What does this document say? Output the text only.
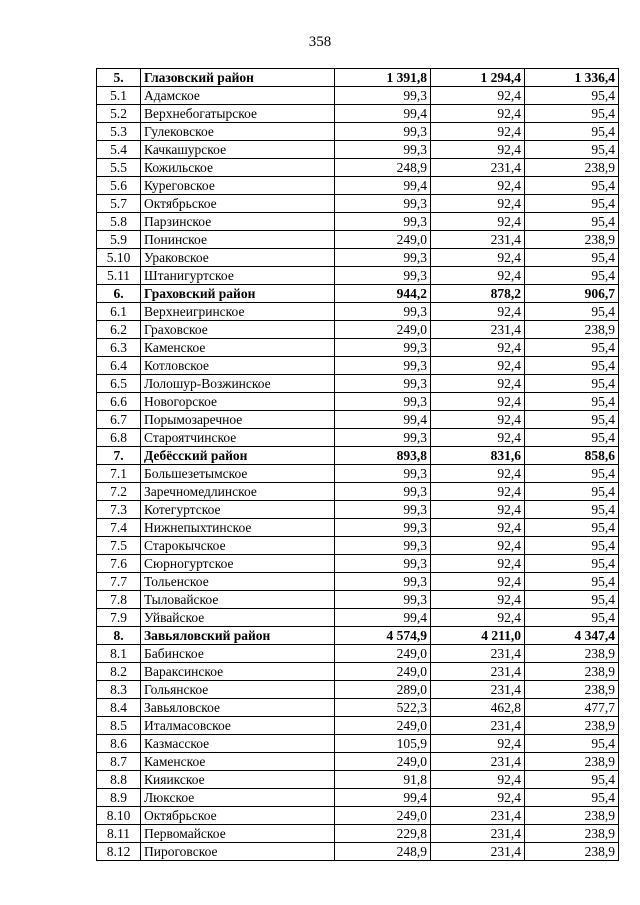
358
5.	Глазовский район	1 391,8	1 294,4	1 336,4
5.1	Адамское	99,3	92,4	95,4
5.2	Верхнебогатырское	99,4	92,4	95,4
5.3	Гулековское	99,3	92,4	95,4
5.4	Качкашурское	99,3	92,4	95,4
5.5	Кожильское	248,9	231,4	238,9
5.6	Курегoвское	99,4	92,4	95,4
5.7	Октябрьское	99,3	92,4	95,4
5.8	Парзинское	99,3	92,4	95,4
5.9	Понинское	249,0	231,4	238,9
5.10	Ураковское	99,3	92,4	95,4
5.11	Штанигуртское	99,3	92,4	95,4
6.	Граховский район	944,2	878,2	906,7
6.1	Верхнеигринское	99,3	92,4	95,4
6.2	Граховское	249,0	231,4	238,9
6.3	Каменское	99,3	92,4	95,4
6.4	Котловское	99,3	92,4	95,4
6.5	Лолошур-Возжинское	99,3	92,4	95,4
6.6	Новогорское	99,3	92,4	95,4
6.7	Порымозаречное	99,4	92,4	95,4
6.8	Староятчинское	99,3	92,4	95,4
7.	Дебёсский район	893,8	831,6	858,6
7.1	Большезетымское	99,3	92,4	95,4
7.2	Заречномедлинское	99,3	92,4	95,4
7.3	Котегуртское	99,3	92,4	95,4
7.4	Нижнепыхтинское	99,3	92,4	95,4
7.5	Старокычское	99,3	92,4	95,4
7.6	Сюрногуртское	99,3	92,4	95,4
7.7	Тольенское	99,3	92,4	95,4
7.8	Тыловайское	99,3	92,4	95,4
7.9	Уйвайское	99,4	92,4	95,4
8.	Завьяловский район	4 574,9	4 211,0	4 347,4
8.1	Бабинское	249,0	231,4	238,9
8.2	Вараксинское	249,0	231,4	238,9
8.3	Гольянское	289,0	231,4	238,9
8.4	Завьяловское	522,3	462,8	477,7
8.5	Италмасовское	249,0	231,4	238,9
8.6	Казмасское	105,9	92,4	95,4
8.7	Каменское	249,0	231,4	238,9
8.8	Кияикское	91,8	92,4	95,4
8.9	Люкское	99,4	92,4	95,4
8.10	Октябрьское	249,0	231,4	238,9
8.11	Первомайское	229,8	231,4	238,9
8.12	Пироговское	248,9	231,4	238,9
